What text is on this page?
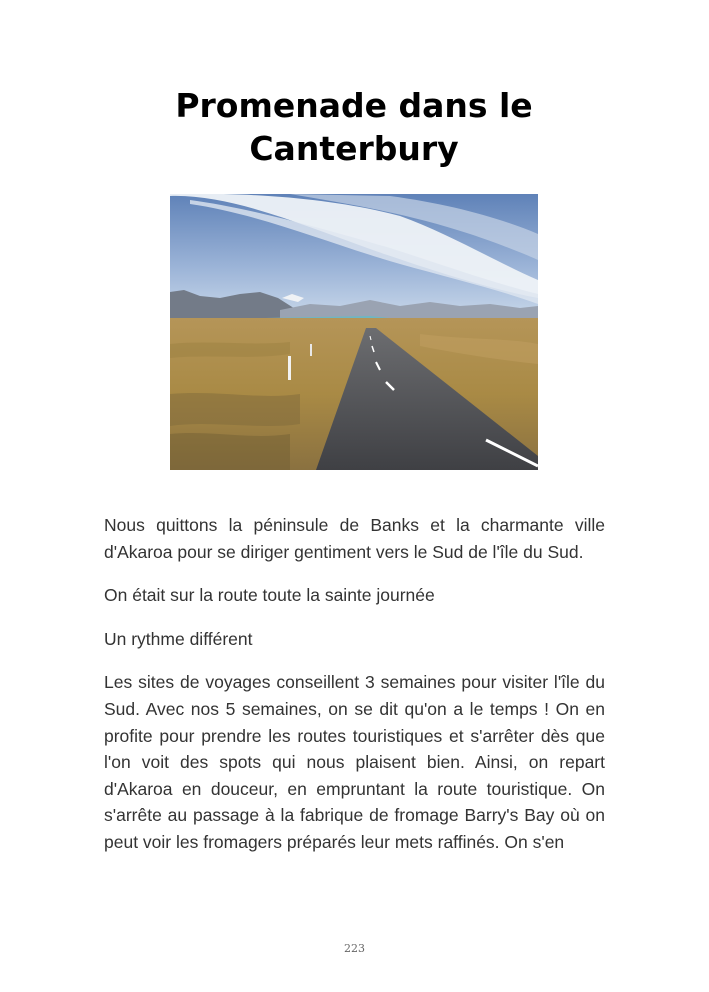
Promenade dans le
Canterbury

Nous quittons la péninsule de Banks et la charmante ville d'Akaroa pour se diriger gentiment vers le Sud de l'île du Sud.

On était sur la route toute la sainte journée

Un rythme différent

Les sites de voyages conseillent 3 semaines pour visiter l'île du Sud. Avec nos 5 semaines, on se dit qu'on a le temps ! On en profite pour prendre les routes touristiques et s'arrêter dès que l'on voit des spots qui nous plaisent bien. Ainsi, on repart d'Akaroa en douceur, en empruntant la route touristique. On s'arrête au passage à la fabrique de fromage Barry's Bay où on peut voir les fromagers préparés leur mets raffinés. On s'en

223
